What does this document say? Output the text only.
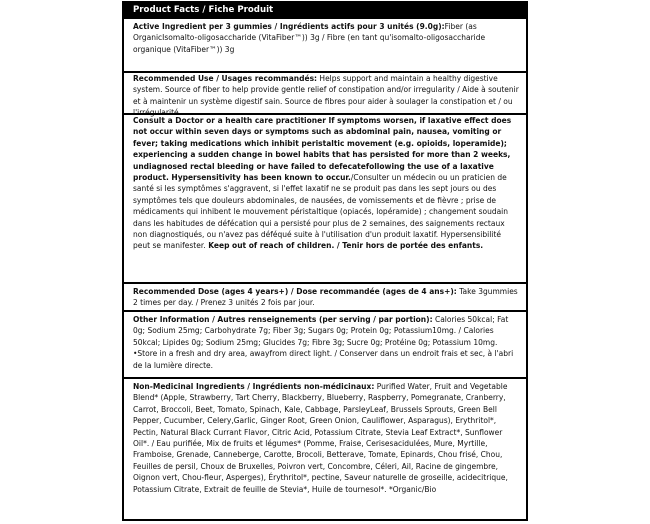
Product Facts / Fiche Produit

Active Ingredient per 3 gummies / Ingrédients actifs pour 3 unités (9.0g):Fiber (as OrganicIsomalto-oligosaccharide (VitaFiber™)) 3g / Fibre (en tant qu'isomalto-oligosaccharide organique (VitaFiber™)) 3g

Recommended Use / Usages recommandés: Helps support and maintain a healthy digestive system. Source of fiber to help provide gentle relief of constipation and/or irregularity / Aide à soutenir et à maintenir un système digestif sain. Source de fibres pour aider à soulager la constipation et / ou l'irrégularité.

Consult a Doctor or a health care practitioner If symptoms worsen, if laxative effect does not occur within seven days or symptoms such as abdominal pain, nausea, vomiting or fever; taking medications which inhibit peristaltic movement (e.g. opioids, loperamide); experiencing a sudden change in bowel habits that has persisted for more than 2 weeks, undiagnosed rectal bleeding or have failed to defecatefollowing the use of a laxative product. Hypersensitivity has been known to occur./Consulter un médecin ou un praticien de santé si les symptômes s'aggravent, si l'effet laxatif ne se produit pas dans les sept jours ou des symptômes tels que douleurs abdominales, de nausées, de vomissements et de fièvre ; prise de médicaments qui inhibent le mouvement péristaltique (opiacés, lopéramide) ; changement soudain dans les habitudes de défécation qui a persisté pour plus de 2 semaines, des saignements rectaux non diagnostiqués, ou n'avez pas déféqué suite à l'utilisation d'un produit laxatif. Hypersensibilité peut se manifester. Keep out of reach of children. / Tenir hors de portée des enfants.

Recommended Dose (ages 4 years+) / Dose recommandée (ages de 4 ans+): Take 3gummies 2 times per day. / Prenez 3 unités 2 fois par jour.

Other Information / Autres renseignements (per serving / par portion): Calories 50kcal; Fat 0g; Sodium 25mg; Carbohydrate 7g; Fiber 3g; Sugars 0g; Protein 0g; Potassium10mg. / Calories 50kcal; Lipides 0g; Sodium 25mg; Glucides 7g; Fibre 3g; Sucre 0g; Protéine 0g; Potassium 10mg. •Store in a fresh and dry area, awayfrom direct light. / Conserver dans un endroit frais et sec, à l'abri de la lumière directe.

Non-Medicinal Ingredients / Ingrédients non-médicinaux: Purified Water, Fruit and Vegetable Blend* (Apple, Strawberry, Tart Cherry, Blackberry, Blueberry, Raspberry, Pomegranate, Cranberry, Carrot, Broccoli, Beet, Tomato, Spinach, Kale, Cabbage, ParsleyLeaf, Brussels Sprouts, Green Bell Pepper, Cucumber, Celery,Garlic, Ginger Root, Green Onion, Cauliflower, Asparagus), Erythritol*, Pectin, Natural Black Currant Flavor, Citric Acid, Potassium Citrate, Stevia Leaf Extract*, Sunflower Oil*. / Eau purifiée, Mix de fruits et légumes* (Pomme, Fraise, Cerisesacidulées, Mure, Myrtille, Framboise, Grenade, Canneberge, Carotte, Brocoli, Betterave, Tomate, Epinards, Chou frisé, Chou, Feuilles de persil, Choux de Bruxelles, Poivron vert, Concombre, Céleri, Ail, Racine de gingembre, Oignon vert, Chou-fleur, Asperges), Érythritol*, pectine, Saveur naturelle de groseille, acidecitrique, Potassium Citrate, Extrait de feuille de Stevia*, Huile de tournesol*. *Organic/Bio
